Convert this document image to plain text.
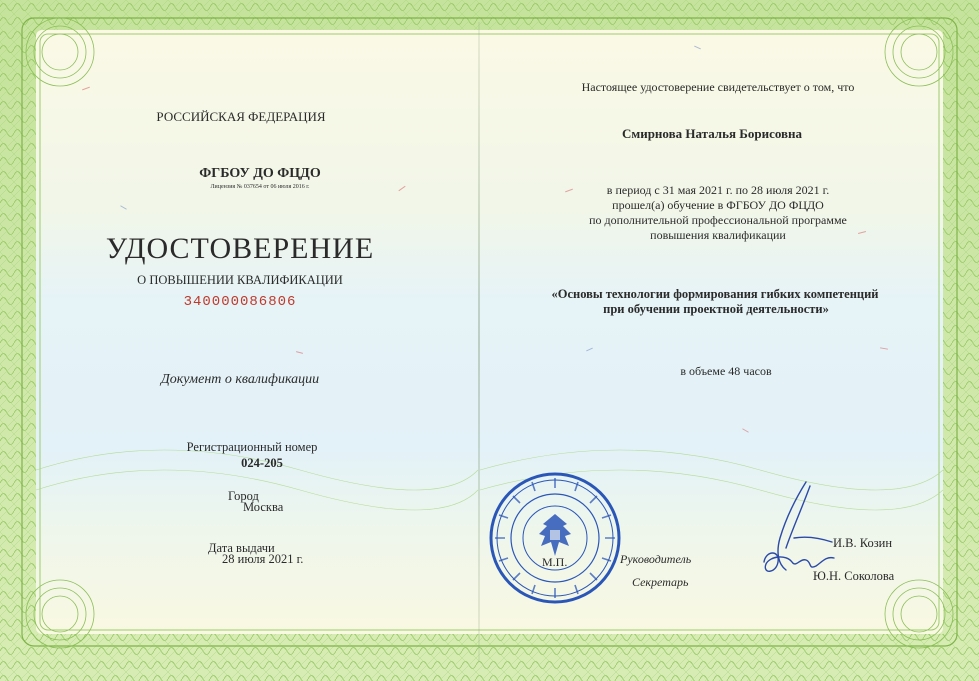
РОССИЙСКАЯ ФЕДЕРАЦИЯ
ФГБОУ ДО ФЦДО
Лицензия № 037654 от 06 июля 2016 г.
УДОСТОВЕРЕНИЕ
О ПОВЫШЕНИИ КВАЛИФИКАЦИИ
340000086806
Документ о квалификации
Регистрационный номер
024-205
Город
Москва
Дата выдачи
28 июля 2021 г.
Настоящее удостоверение свидетельствует о том, что
Смирнова Наталья Борисовна
в период с 31 мая 2021 г. по 28 июля 2021 г.
прошел(а) обучение в ФГБОУ ДО ФЦДО
по дополнительной профессиональной программе
повышения квалификации
«Основы технологии формирования гибких компетенций
при обучении проектной деятельности»
в объеме 48 часов
М.П.	Руководитель
Секретарь
И.В. Козин
Ю.Н. Соколова
